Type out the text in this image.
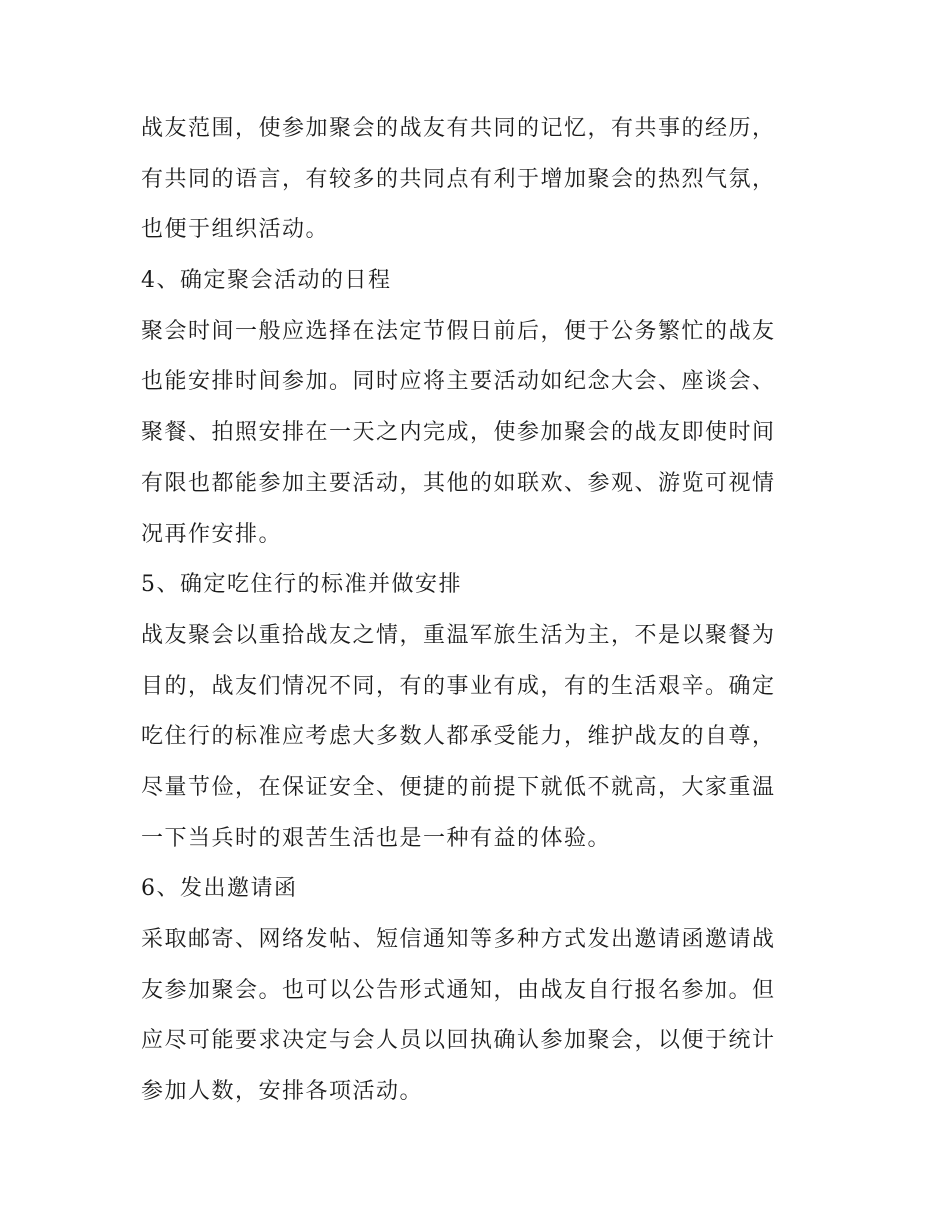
战友范围，使参加聚会的战友有共同的记忆，有共事的经历，
有共同的语言，有较多的共同点有利于增加聚会的热烈气氛，
也便于组织活动。
4、确定聚会活动的日程
聚会时间一般应选择在法定节假日前后，便于公务繁忙的战友
也能安排时间参加。同时应将主要活动如纪念大会、座谈会、
聚餐、拍照安排在一天之内完成，使参加聚会的战友即使时间
有限也都能参加主要活动，其他的如联欢、参观、游览可视情
况再作安排。
5、确定吃住行的标准并做安排
战友聚会以重拾战友之情，重温军旅生活为主，不是以聚餐为
目的，战友们情况不同，有的事业有成，有的生活艰辛。确定
吃住行的标准应考虑大多数人都承受能力，维护战友的自尊，
尽量节俭，在保证安全、便捷的前提下就低不就高，大家重温
一下当兵时的艰苦生活也是一种有益的体验。
6、发出邀请函
采取邮寄、网络发帖、短信通知等多种方式发出邀请函邀请战
友参加聚会。也可以公告形式通知，由战友自行报名参加。但
应尽可能要求决定与会人员以回执确认参加聚会，以便于统计
参加人数，安排各项活动。
